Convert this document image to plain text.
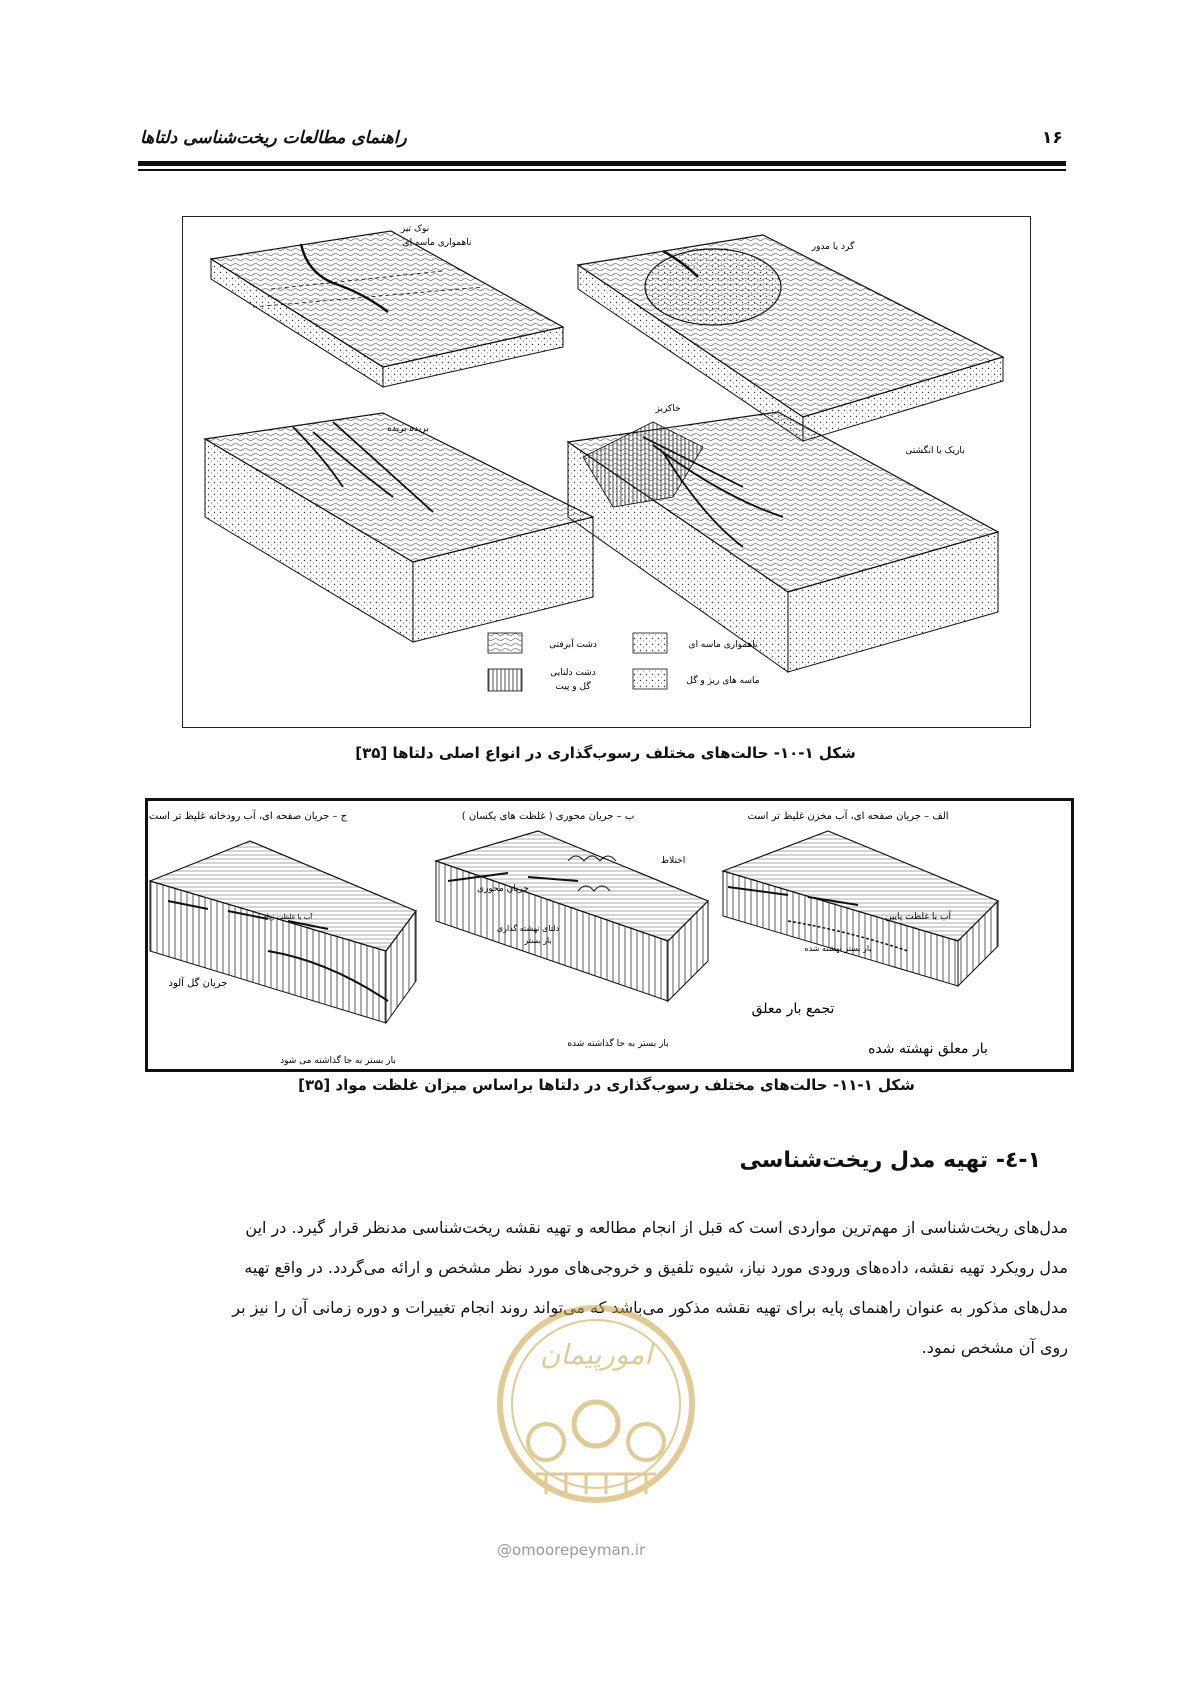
راهنمای مطالعات ریخت‌شناسی دلتاها	۱۶
نوک تیز
ناهمواری ماسه ای	گرد یا مدور
بریده بریده
خاکریز
باریک یا انگشتی
دشت آبرفتی
دشت دلتایی
گل و پیت
ناهمواری ماسه ای
ماسه های ریز و گل
شکل ۱-۱۰- حالت‌های مختلف رسوب‌گذاری در انواع اصلی دلتاها [۳۵]
ج – جریان صفحه ای، آب رودخانه غلیظ تر است	ب – جریان محوری ( غلظت های یکسان )	الف – جریان صفحه ای، آب مخزن غلیظ تر است
آب با غلظت زیاد
جریان گل آلود
بار بستر به جا گذاشته می شود
اختلاط
جریان محوری
دلتای نهشته گذاری
بار بستر
بار بستر به جا گذاشته شده
آب با غلظت پایین
بار بستر نهشته شده
تجمع بار معلق
بار معلق نهشته شده
شکل ۱-۱۱- حالت‌های مختلف رسوب‌گذاری در دلتاها براساس میزان غلظت مواد [۳۵]
۱-٤- تهیه مدل ریخت‌شناسی

مدل‌های ریخت‌شناسی از مهم‌ترین مواردی است که قبل از انجام مطالعه و تهیه نقشه ریخت‌شناسی مدنظر قرار گیرد. در این

مدل رویکرد تهیه نقشه، داده‌های ورودی مورد نیاز، شیوه تلفیق و خروجی‌های مورد نظر مشخص و ارائه می‌گردد. در واقع تهیه

مدل‌های مذکور به عنوان راهنمای پایه برای تهیه نقشه مذکور می‌باشد که می‌تواند روند انجام تغییرات و دوره زمانی آن را نیز بر

روی آن مشخص نمود.

امورپیمان
@omoorepeyman.ir
